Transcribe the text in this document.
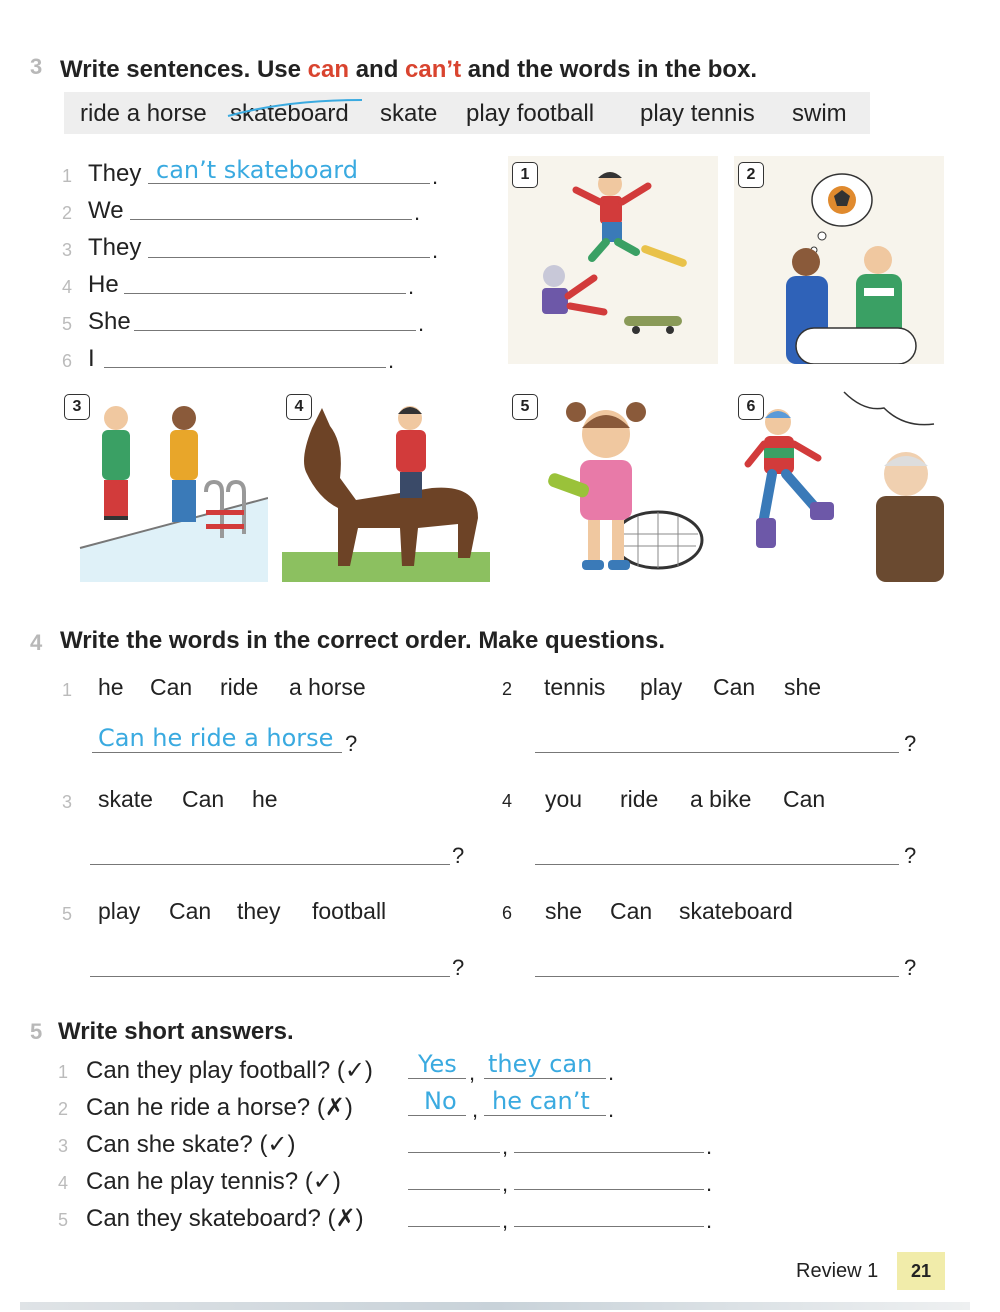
3 Write sentences. Use can and can’t and the words in the box.
ride a horse skateboard skate play football play tennis swim
1 They can’t skateboard	.
2 We	.
3 They	.
4 He	.
5 She	.
6 I	.
1	2
3	4	5	6
4 Write the words in the correct order. Make questions.
1 he Can ride a horse
Can he ride a horse ?
2 tennis play Can she
?
3 skate Can he
?
4 you ride a bike Can
?
5 play Can they football
?
6 she Can skateboard
?
5 Write short answers.
1 Can they play football? (✓) Yes , they can .
2 Can he ride a horse? (✗)	No , he can’t .
3 Can she skate? (✓)	,	.
4 Can he play tennis? (✓)	,	.
5 Can they skateboard? (✗)	,	.
Review 1	21
